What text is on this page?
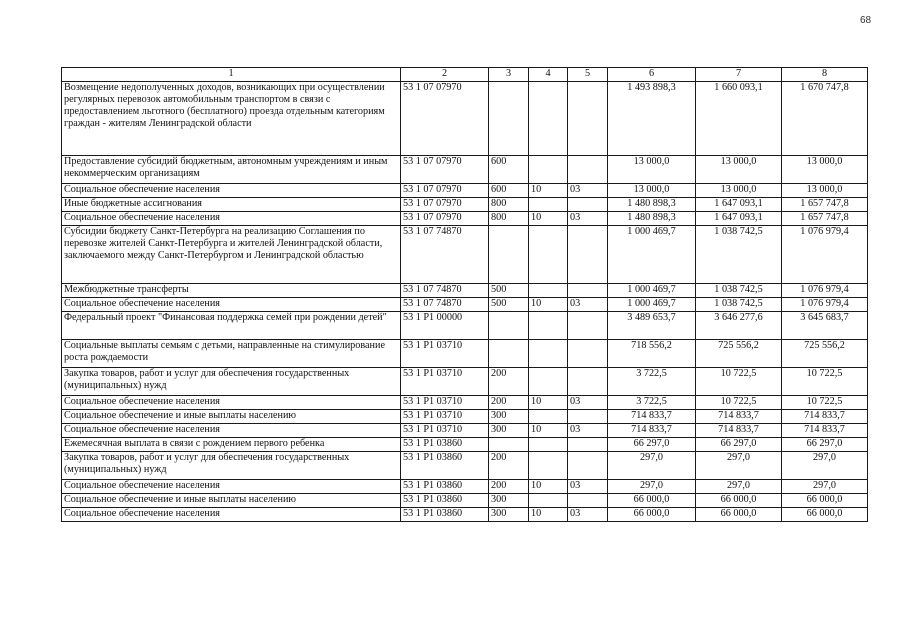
68
1	2	3	4	5	6	7	8
Возмещение недополученных доходов, возникающих при осуществлении регулярных перевозок автомобильным транспортом в связи с предоставлением льготного (бесплатного) проезда отдельным категориям граждан - жителям Ленинградской области	53 1 07 07970				1 493 898,3	1 660 093,1	1 670 747,8
Предоставление субсидий бюджетным, автономным учреждениям и иным некоммерческим организациям	53 1 07 07970	600			13 000,0	13 000,0	13 000,0
Социальное обеспечение населения	53 1 07 07970	600	10	03	13 000,0	13 000,0	13 000,0
Иные бюджетные ассигнования	53 1 07 07970	800			1 480 898,3	1 647 093,1	1 657 747,8
Социальное обеспечение населения	53 1 07 07970	800	10	03	1 480 898,3	1 647 093,1	1 657 747,8
Субсидии бюджету Санкт-Петербурга на реализацию Соглашения по перевозке жителей Санкт-Петербурга и жителей Ленинградской области, заключаемого между Санкт-Петербургом и Ленинградской областью	53 1 07 74870				1 000 469,7	1 038 742,5	1 076 979,4
Межбюджетные трансферты	53 1 07 74870	500			1 000 469,7	1 038 742,5	1 076 979,4
Социальное обеспечение населения	53 1 07 74870	500	10	03	1 000 469,7	1 038 742,5	1 076 979,4
Федеральный проект "Финансовая поддержка семей при рождении детей"	53 1 P1 00000				3 489 653,7	3 646 277,6	3 645 683,7
Социальные выплаты семьям с детьми, направленные на стимулирование роста рождаемости	53 1 P1 03710				718 556,2	725 556,2	725 556,2
Закупка товаров, работ и услуг для обеспечения государственных (муниципальных) нужд	53 1 P1 03710	200			3 722,5	10 722,5	10 722,5
Социальное обеспечение населения	53 1 P1 03710	200	10	03	3 722,5	10 722,5	10 722,5
Социальное обеспечение и иные выплаты населению	53 1 P1 03710	300			714 833,7	714 833,7	714 833,7
Социальное обеспечение населения	53 1 P1 03710	300	10	03	714 833,7	714 833,7	714 833,7
Ежемесячная выплата в связи с рождением первого ребенка	53 1 P1 03860				66 297,0	66 297,0	66 297,0
Закупка товаров, работ и услуг для обеспечения государственных (муниципальных) нужд	53 1 P1 03860	200			297,0	297,0	297,0
Социальное обеспечение населения	53 1 P1 03860	200	10	03	297,0	297,0	297,0
Социальное обеспечение и иные выплаты населению	53 1 P1 03860	300			66 000,0	66 000,0	66 000,0
Социальное обеспечение населения	53 1 P1 03860	300	10	03	66 000,0	66 000,0	66 000,0
